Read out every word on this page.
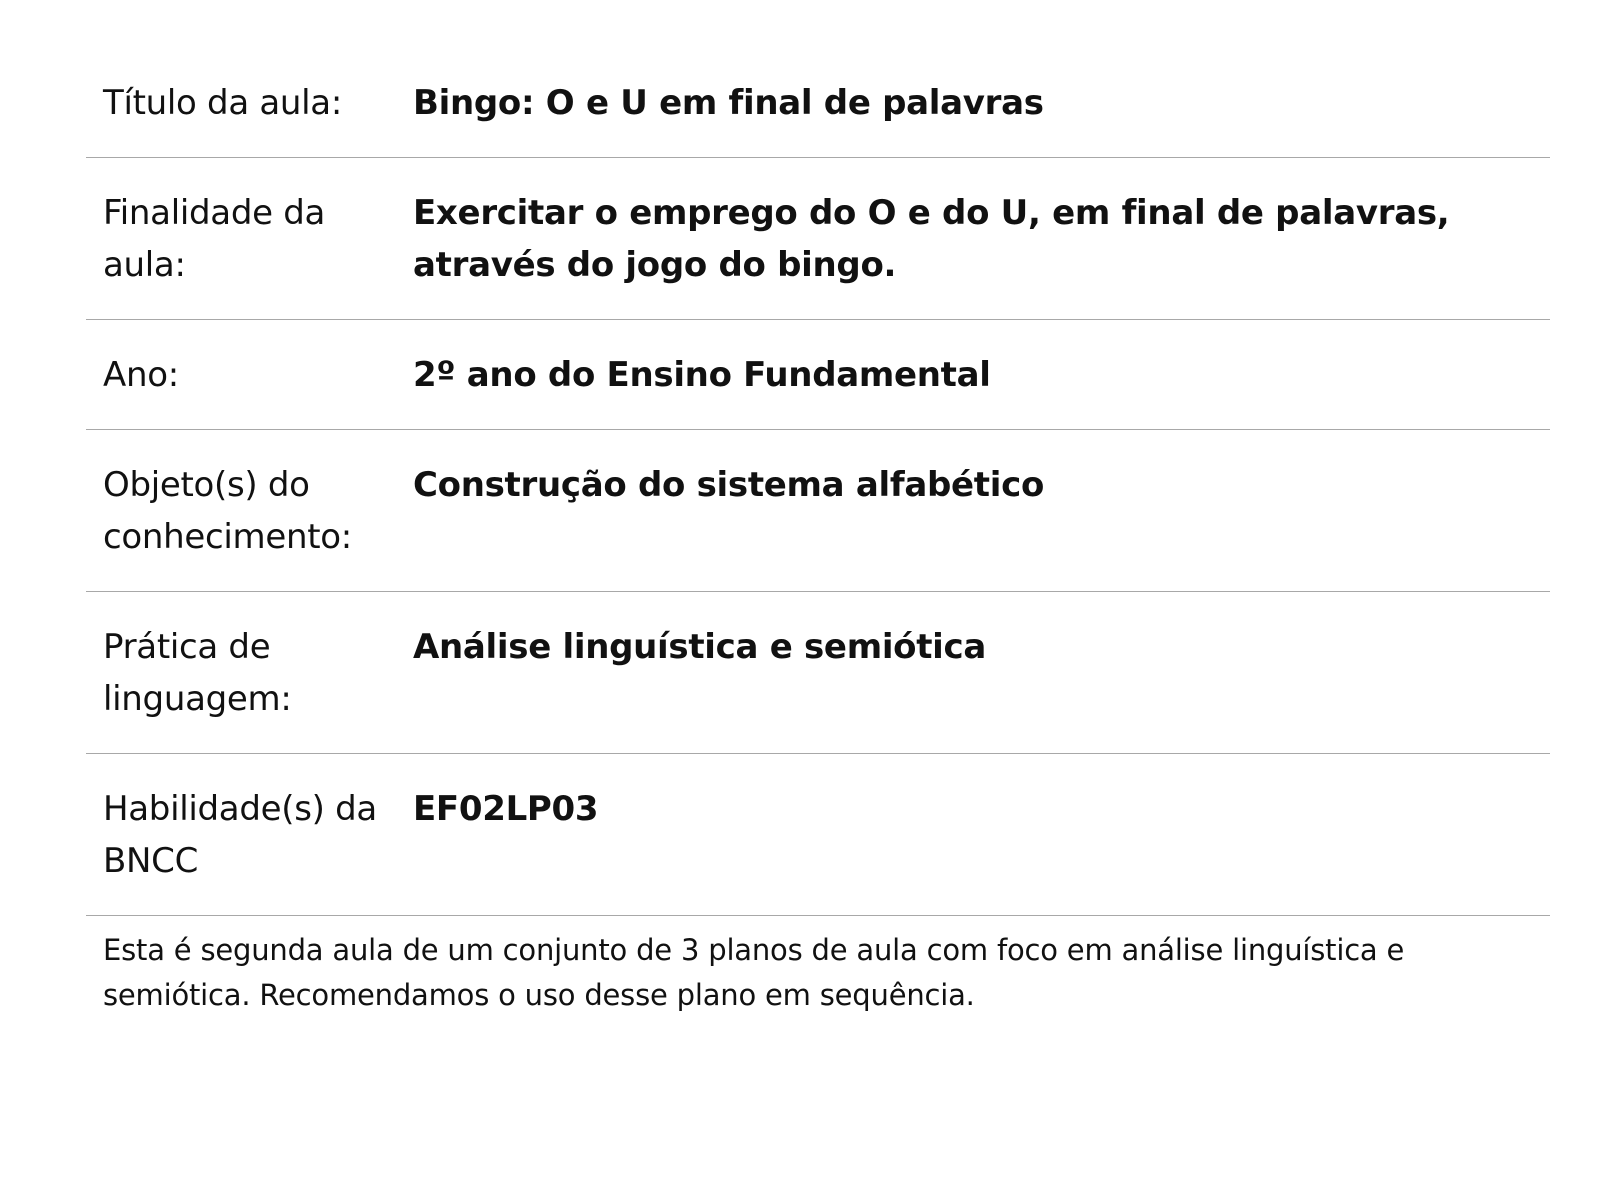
Título da aula:	Bingo: O e U em final de palavras
Finalidade da aula:
Exercitar o emprego do O e do U, em final de palavras, através do jogo do bingo.
Ano:	2º ano do Ensino Fundamental
Objeto(s) do conhecimento:
Construção do sistema alfabético
Prática de linguagem:
Análise linguística e semiótica
Habilidade(s) da BNCC
EF02LP03
Esta é segunda aula de um conjunto de 3 planos de aula com foco em análise linguística e semiótica. Recomendamos o uso desse plano em sequência.
